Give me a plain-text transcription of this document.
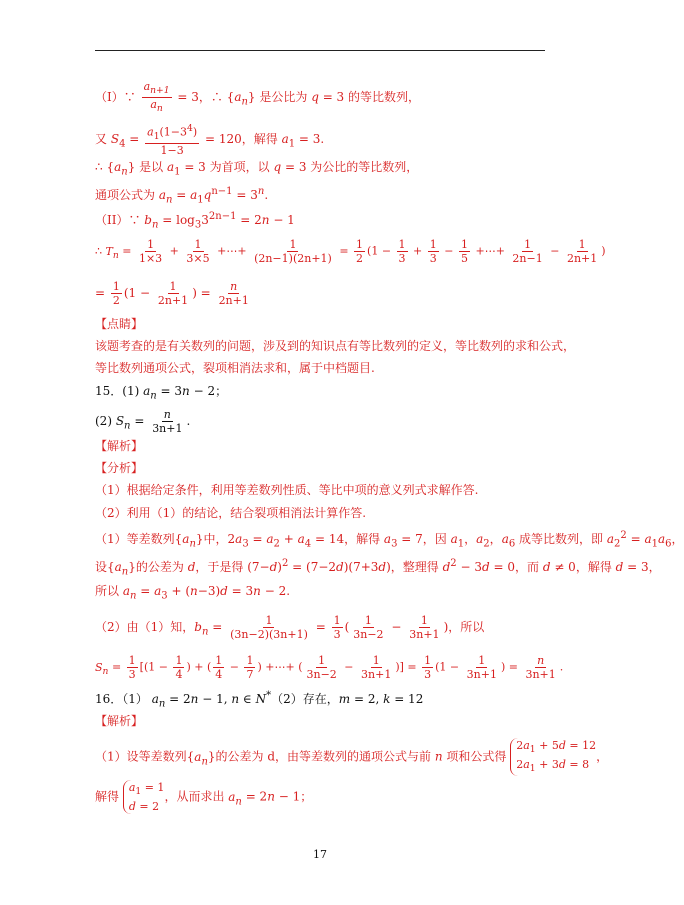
（I）∵ $\frac{a_{n+1}}{a_n} = 3$，∴ $\{a_n\}$ 是公比为 q = 3 的等比数列，
又 $S_4 = \frac{a_1(1-3^4)}{1-3} = 120$，解得 $a_1 = 3$.
∴ $\{a_n\}$ 是以 $a_1 = 3$ 为首项，以 q = 3 为公比的等比数列，
通项公式为 $a_n = a_1q^{n-1} = 3^n$.
（II）∵ $b_n = \log_33^{2n-1} = 2n - 1$
∴ $T_n = \frac{1}{1\times 3} + \frac{1}{3\times 5}$ +⋯+ $\frac{1}{(2n-1)(2n+1)} = \frac{1}{2} (1 - \frac{1}{3} + \frac{1}{3} - \frac{1}{5}$ +⋯+ $\frac{1}{2n-1} - \frac{1}{2n+1}$ )
= $\frac{1}{2} (1 - \frac{1}{2n+1}$ ) = $\frac{n}{2n+1}$
【点睛】
该题考查的是有关数列的问题，涉及到的知识点有等比数列的定义，等比数列的求和公式，
等比数列通项公式，裂项相消法求和，属于中档题目.
15．(1) $a_n = 3n - 2$；
(2) $S_n = \frac{n}{3n+1}$ .
【解析】
【分析】
（1）根据给定条件，利用等差数列性质、等比中项的意义列式求解作答.
（2）利用（1）的结论，结合裂项相消法计算作答.
（1）等差数列$\{a_n\}$中，$2a_3 = a_2 + a_4 = 14$，解得 $a_3 = 7$，因 $a_1$，$a_2$，$a_6$ 成等比数列，即 $a_2^2 = a_1a_6$，
设$\{a_n\}$的公差为 d，于是得 $(7-d)^2 = (7-2d)(7+3d)$，整理得 $d^2 - 3d = 0$，而 d ≠ 0，解得 d = 3，
所以 $a_n = a_3 + (n-3)d = 3n - 2$.
（2）由（1）知，$b_n = \frac{1}{(3n-2)(3n+1)} = \frac{1}{3}$ ( $\frac{1}{3n-2} - \frac{1}{3n+1}$ )，所以
$S_n = \frac{1}{3} [(1 - \frac{1}{4}$ ) + ( $\frac{1}{4} - \frac{1}{7}$ ) +⋯+ ( $\frac{1}{3n-2} - \frac{1}{3n+1}$ )] = $\frac{1}{3} (1 - \frac{1}{3n+1}$ ) = $\frac{n}{3n+1}$ .
16．（1） $a_n = 2n - 1$, n ∈ N*（2）存在，m = 2, k = 12
【解析】
（1）设等差数列$\{a_n\}$的公差为 d，由等差数列的通项公式与前 n 项和公式得 $2a_1 + 5d = 12$
$2a_1 + 3d = 8$，
解得 $a_1 = 1$
d = 2，从而求出 $a_n = 2n - 1$；
17
